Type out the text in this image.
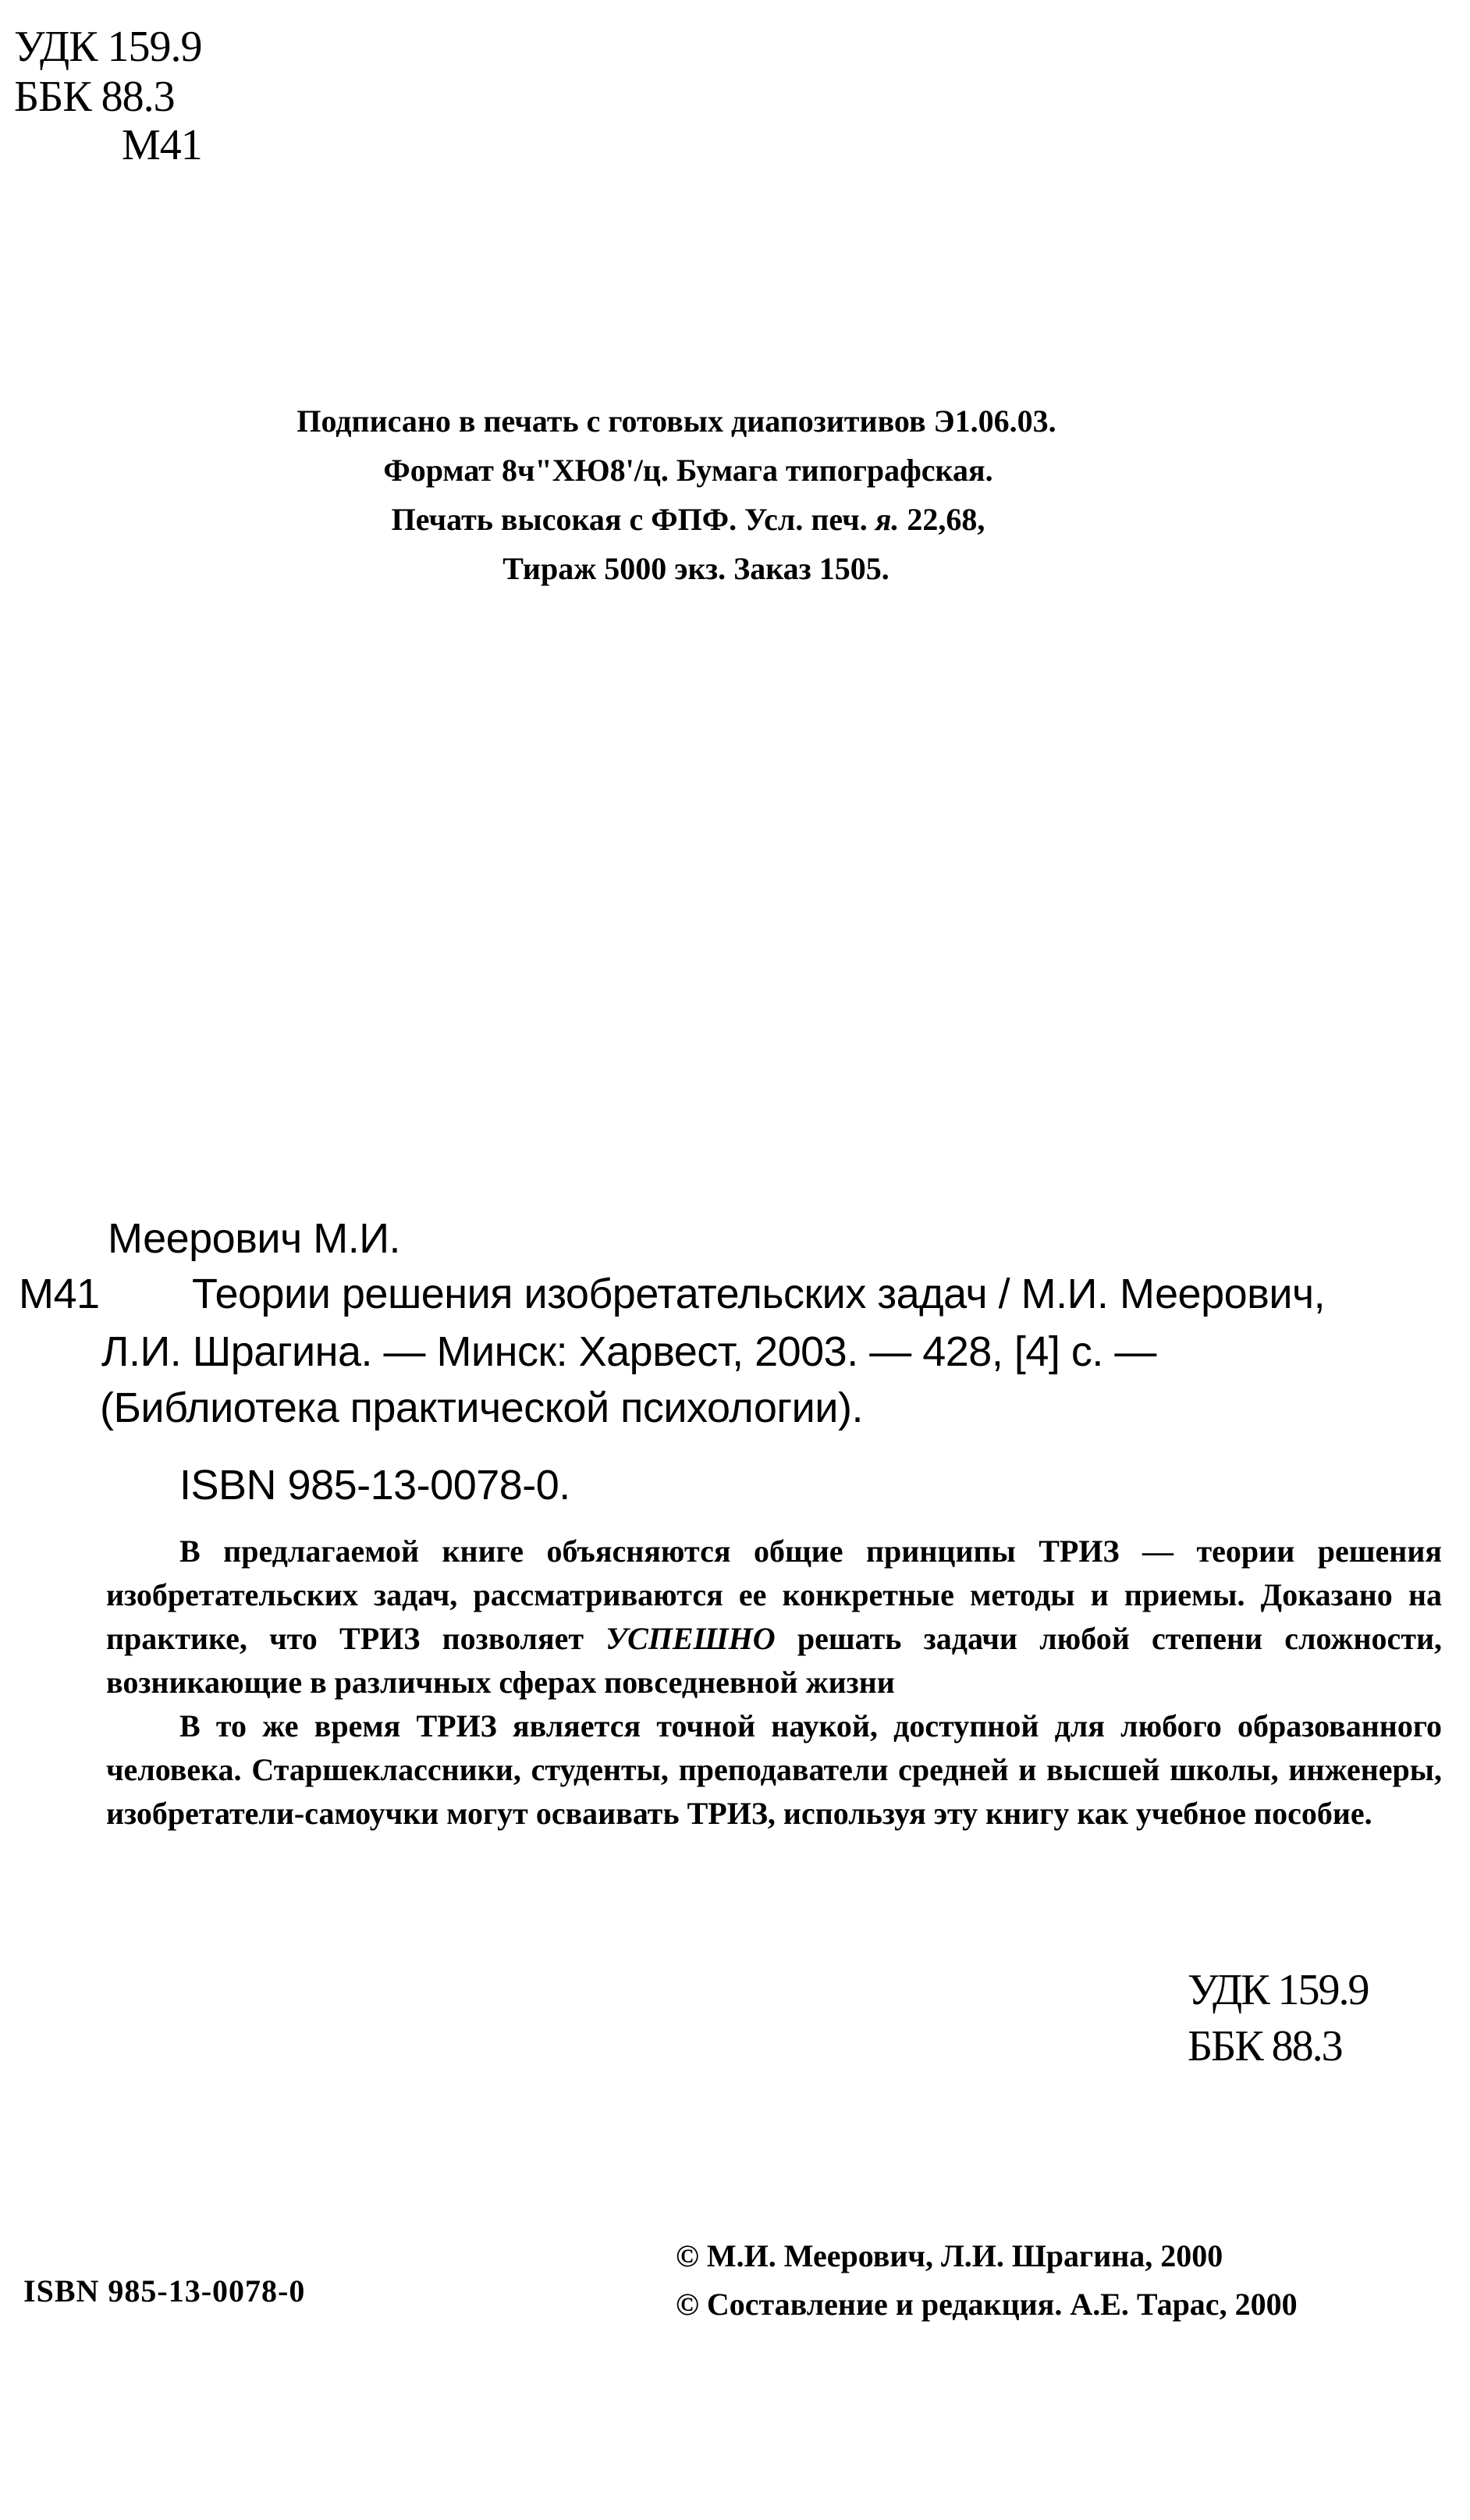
УДК 159.9
ББК 88.3
М41
Подписано в печать с готовых диапозитивов Э1.06.03.
Формат 8ч"ХЮ8'/ц. Бумага типографская.
Печать высокая с ФПФ. Усл. печ. я. 22,68,
Тираж 5000 экз. Заказ 1505.
Меерович М.И.
М41 Теории решения изобретательских задач / М.И. Меерович,
Л.И. Шрагина. — Минск: Харвест, 2003. — 428, [4] с. —
(Библиотека практической психологии).
ISBN 985-13-0078-0.

В предлагаемой книге объясняются общие принципы ТРИЗ — теории решения изобретательских задач, рассматриваются ее конкретные методы и приемы. Доказано на практике, что ТРИЗ позволяет УСПЕШНО решать задачи любой степени сложности, возникающие в различных сферах повседневной жизни

В то же время ТРИЗ является точной наукой, доступной для любого образованного человека. Старшеклассники, студенты, преподаватели средней и высшей школы, инженеры, изобретатели-самоучки могут осваивать ТРИЗ, используя эту книгу как учебное пособие.

УДК 159.9
ББК 88.3
ISBN 985-13-0078-0
© М.И. Меерович, Л.И. Шрагина, 2000
© Составление и редакция. А.Е. Тарас, 2000
